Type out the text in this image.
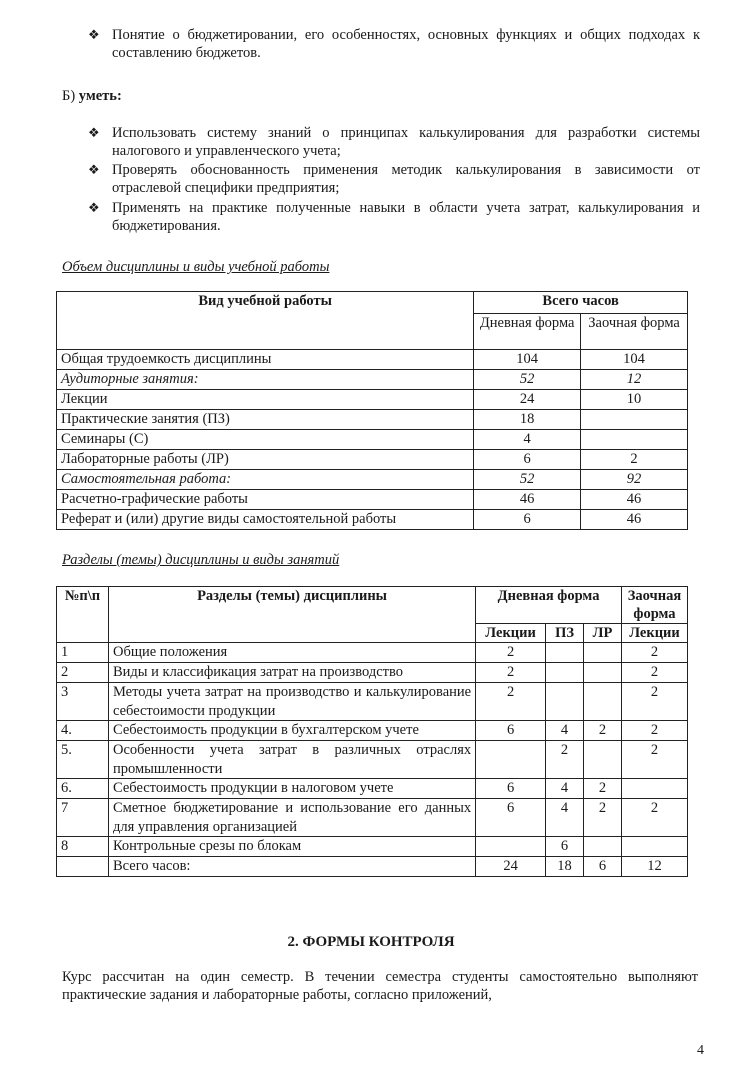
❖ Понятие о бюджетировании, его особенностях, основных функциях и общих подходах к составлению бюджетов.
Б) уметь:
❖ Использовать систему знаний о принципах калькулирования для разработки системы налогового и управленческого учета;
❖ Проверять обоснованность применения методик калькулирования в зависимости от отраслевой специфики предприятия;
❖ Применять на практике полученные навыки в области учета затрат, калькулирования и бюджетирования.
Объем дисциплины и виды учебной работы
Вид учебной работы	Всего часов	
	Дневная форма	Заочная форма
Общая трудоемкость дисциплины	104	104
Аудиторные занятия:	52	12
Лекции	24	10
Практические занятия (ПЗ)	18	
Семинары (С)	4	
Лабораторные работы (ЛР)	6	2
Самостоятельная работа:	52	92
Расчетно-графические работы	46	46
Реферат и (или) другие виды самостоятельной работы	6	46
Разделы (темы) дисциплины и виды занятий
№п\п	Разделы (темы) дисциплины	Дневная форма			Заочная форма
		Лекции	ПЗ	ЛР	Лекции
1	Общие положения	2			2
2	Виды и классификация затрат на производство	2			2
3	Методы учета затрат на производство и калькулирование себестоимости продукции	2			2
4.	Себестоимость продукции в бухгалтерском учете	6	4	2	2
5.	Особенности учета затрат в различных отраслях промышленности		2		2
6.	Себестоимость продукции в налоговом учете	6	4	2	
7	Сметное бюджетирование и использование его данных для управления организацией	6	4	2	2
8	Контрольные срезы по блокам		6		
	Всего часов:	24	18	6	12
2. ФОРМЫ КОНТРОЛЯ
Курс рассчитан на один семестр. В течении семестра студенты самостоятельно выполняют практические задания и лабораторные работы, согласно приложений,
4
